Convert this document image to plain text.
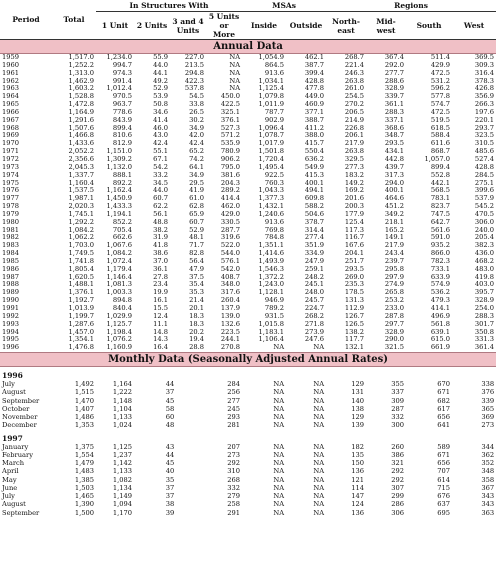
Period	Total	In Structures With				MSAs		Regions			
		1 Unit	2 Units	3 and 4 Units	5 Units or More	Inside	Outside	North-east	Mid-west	South	West
Annual Data											
1959	1,517.0	1,234.0	55.9	227.0	NA	1,054.9	462.1	268.7	367.4	511.4	369.5
1960	1,252.2	994.7	44.0	213.5	NA	864.5	387.7	221.4	292.0	429.9	309.3
1961	1,313.0	974.3	44.1	294.8	NA	913.6	399.4	246.3	277.7	472.5	316.4
1962	1,462.9	991.4	49.2	422.3	NA	1,034.1	428.8	263.8	288.6	531.2	378.3
1963	1,603.2	1,012.4	52.9	537.8	NA	1,125.4	477.8	261.0	328.9	596.2	426.8
1964	1,528.8	970.5	53.9	54.5	450.0	1,079.8	449.0	254.5	339.7	577.8	356.9
1965	1,472.8	963.7	50.8	33.8	422.5	1,011.9	460.9	270.2	361.1	574.7	266.3
1966	1,164.9	778.6	34.6	26.5	325.1	787.7	377.1	206.5	288.3	472.5	197.6
1967	1,291.6	843.9	41.4	30.2	376.1	902.9	388.7	214.9	337.1	519.5	220.1
1968	1,507.6	899.4	46.0	34.9	527.3	1,096.4	411.2	226.8	368.6	618.5	293.7
1969	1,466.8	810.6	43.0	42.0	571.2	1,078.7	388.0	206.1	348.7	588.4	323.5
1970	1,433.6	812.9	42.4	42.4	535.9	1,017.9	415.7	217.9	293.5	611.6	310.5
1971	2,052.2	1,151.0	55.1	65.2	780.9	1,501.8	550.4	263.8	434.1	868.7	485.6
1972	2,356.6	1,309.2	67.1	74.2	906.2	1,720.4	636.2	329.5	442.8	1,057.0	527.4
1973	2,045.3	1,132.0	54.2	64.1	795.0	1,495.4	549.9	277.3	439.7	899.4	428.8
1974	1,337.7	888.1	33.2	34.9	381.6	922.5	415.3	183.2	317.3	552.8	284.5
1975	1,160.4	892.2	34.5	29.5	204.3	760.3	400.1	149.2	294.0	442.1	275.1
1976	1,537.5	1,162.4	44.0	41.9	289.2	1,043.3	494.1	169.2	400.1	568.5	399.6
1977	1,987.1	1,450.9	60.7	61.0	414.4	1,377.3	609.8	201.6	464.6	783.1	537.9
1978	2,020.3	1,433.3	62.2	62.8	462.0	1,432.1	588.2	200.3	451.2	823.7	545.2
1979	1,745.1	1,194.1	56.1	65.9	429.0	1,240.6	504.6	177.9	349.2	747.5	470.5
1980	1,292.2	852.2	48.8	60.7	330.5	913.6	378.7	125.4	218.1	642.7	306.0
1981	1,084.2	705.4	38.2	52.9	287.7	769.8	314.4	117.3	165.2	561.6	240.0
1982	1,062.2	662.6	31.9	48.1	319.6	784.8	277.4	116.7	149.1	591.0	205.4
1983	1,703.0	1,067.6	41.8	71.7	522.0	1,351.1	351.9	167.6	217.9	935.2	382.3
1984	1,749.5	1,084.2	38.6	82.8	544.0	1,414.6	334.9	204.1	243.4	866.0	436.0
1985	1,741.8	1,072.4	37.0	56.4	576.1	1,493.9	247.9	251.7	239.7	782.3	468.2
1986	1,805.4	1,179.4	36.1	47.9	542.0	1,546.3	259.1	293.5	295.8	733.1	483.0
1987	1,620.5	1,146.4	27.8	37.5	408.7	1,372.2	248.2	269.0	297.9	633.9	419.8
1988	1,488.1	1,081.3	23.4	35.4	348.0	1,243.0	245.1	235.3	274.9	574.9	403.0
1989	1,376.1	1,003.3	19.9	35.3	317.6	1,128.1	248.0	178.5	265.8	536.2	395.7
1990	1,192.7	894.8	16.1	21.4	260.4	946.9	245.7	131.3	253.2	479.3	328.9
1991	1,013.9	840.4	15.5	20.1	137.9	789.2	224.7	112.9	233.0	414.1	254.0
1992	1,199.7	1,029.9	12.4	18.3	139.0	931.5	268.2	126.7	287.8	496.9	288.3
1993	1,287.6	1,125.7	11.1	18.3	132.6	1,015.8	271.8	126.5	297.7	561.8	301.7
1994	1,457.0	1,198.4	14.8	20.2	223.5	1,183.1	273.9	138.2	328.9	639.1	350.8
1995	1,354.1	1,076.2	14.3	19.4	244.1	1,106.4	247.6	117.7	290.0	615.0	331.3
1996	1,476.8	1,160.9	16.4	28.8	270.8	NA	NA	132.1	321.5	661.9	361.4
Monthly Data (Seasonally Adjusted Annual Rates)											

1996											
July	1,492	1,164	44		284	NA	NA	129	355	670	338
August	1,515	1,222	37		256	NA	NA	131	337	671	376
September	1,470	1,148	45		277	NA	NA	140	309	682	339
October	1,407	1,104	58		245	NA	NA	138	287	617	365
November	1,486	1,133	60		293	NA	NA	129	332	656	369
December	1,353	1,024	48		281	NA	NA	139	300	641	273

1997											
January	1,375	1,125	43		207	NA	NA	182	260	589	344
February	1,554	1,237	44		273	NA	NA	135	386	671	362
March	1,479	1,142	45		292	NA	NA	150	321	656	352
April	1,483	1,133	40		310	NA	NA	136	292	707	348
May	1,385	1,082	35		268	NA	NA	121	292	614	358
June	1,503	1,134	37		332	NA	NA	114	307	715	367
July	1,465	1,149	37		279	NA	NA	147	299	676	343
August	1,390	1,094	38		258	NA	NA	124	286	637	343
September	1,500	1,170	39		291	NA	NA	136	306	695	363
